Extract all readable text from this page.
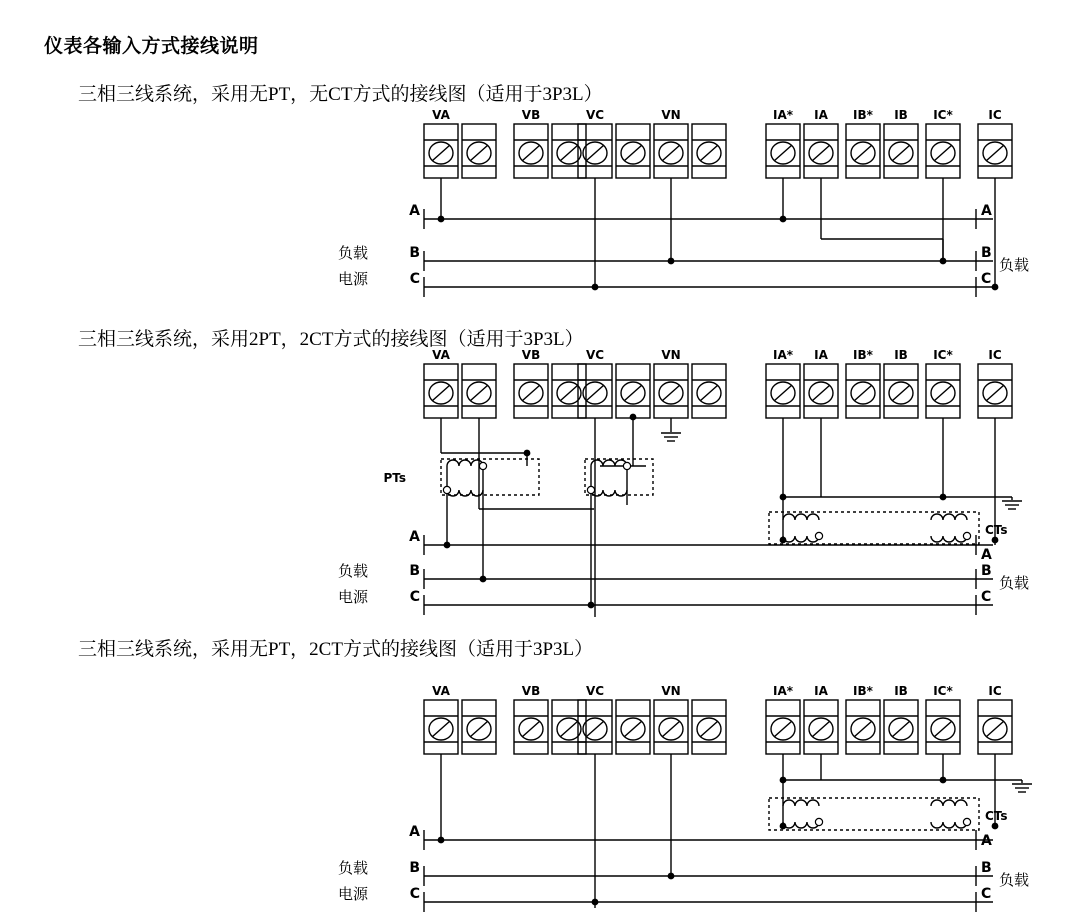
仪表各输入方式接线说明
三相三线系统，采用无PT，无CT方式的接线图（适用于3P3L）
三相三线系统，采用2PT，2CT方式的接线图（适用于3P3L）
三相三线系统，采用无PT，2CT方式的接线图（适用于3P3L）
VA	VB	VC	VN	IA* IA IB* IB IC*	IC
A
B
C
A
B
C
负载
电源
负载
VA	VB	VC	VN	IA* IA IB* IB IC*	IC
PTs
CTs
A
B
C
A
B
C
负载
电源
负载
VA	VB	VC	VN	IA* IA IB* IB IC*	IC
CTs
A
B
C
A
B
C
负载
电源
负载
